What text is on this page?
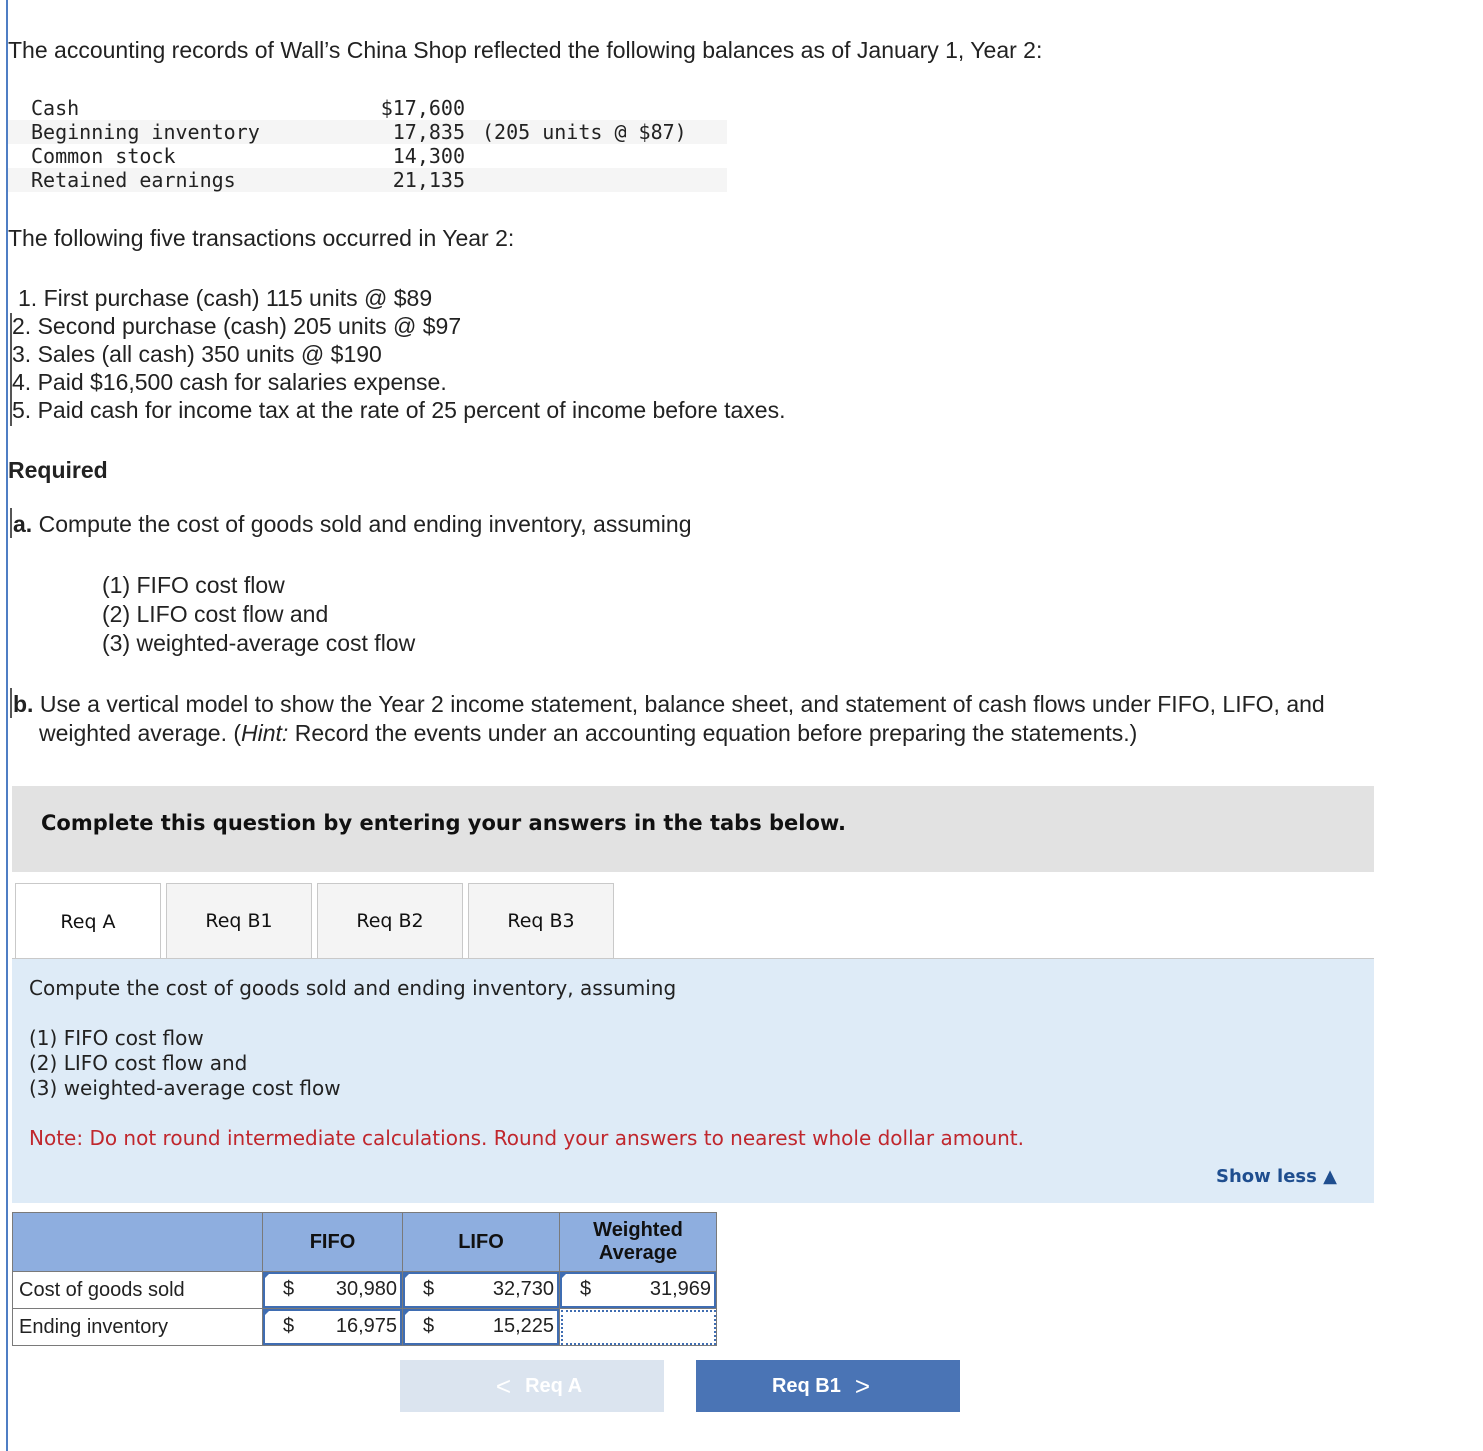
The accounting records of Wall’s China Shop reflected the following balances as of January 1, Year 2:
Cash	$17,600
Beginning inventory	17,835 (205 units @ $87)
Common stock	14,300
Retained earnings	21,135
The following five transactions occurred in Year 2:
1. First purchase (cash) 115 units @ $89
2. Second purchase (cash) 205 units @ $97
3. Sales (all cash) 350 units @ $190
4. Paid $16,500 cash for salaries expense.
5. Paid cash for income tax at the rate of 25 percent of income before taxes.
Required
a. Compute the cost of goods sold and ending inventory, assuming
(1) FIFO cost flow
(2) LIFO cost flow and
(3) weighted-average cost flow
b. Use a vertical model to show the Year 2 income statement, balance sheet, and statement of cash flows under FIFO, LIFO, and
weighted average. (Hint: Record the events under an accounting equation before preparing the statements.)
Complete this question by entering your answers in the tabs below.
Req A	Req B1	Req B2	Req B3
Compute the cost of goods sold and ending inventory, assuming
(1) FIFO cost flow
(2) LIFO cost flow and
(3) weighted-average cost flow
Note: Do not round intermediate calculations. Round your answers to nearest whole dollar amount.
Show less ▲
	FIFO	LIFO	Weighted
Average
Cost of goods sold	$ 30,980	$ 32,730	$ 31,969

Ending inventory	$ 16,975	$ 15,225	

< Req A	Req B1 >
